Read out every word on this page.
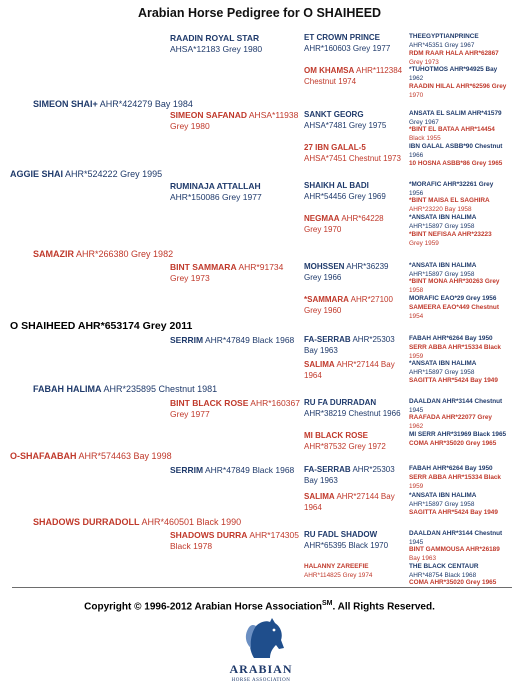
Arabian Horse Pedigree for O SHAIHEED
SIMEON SHAI+ AHR*424279 Bay 1984
AGGIE SHAI AHR*524222 Grey 1995
SAMAZIR AHR*266380 Grey 1982
RAADIN ROYAL STAR
AHSA*12183 Grey 1980
SIMEON SAFANAD AHSA*11938
Grey 1980
RUMINAJA ATTALLAH
AHR*150086 Grey 1977
BINT SAMMARA AHR*91734
Grey 1973
ET CROWN PRINCE
AHR*160603 Grey 1977
OM KHAMSA AHR*112384
Chestnut 1974
SANKT GEORG
AHSA*7481 Grey 1975
27 IBN GALAL-5
AHSA*7451 Chestnut 1973
SHAIKH AL BADI
AHR*54456 Grey 1969
NEGMAA AHR*64228
Grey 1970
MOHSSEN AHR*36239
Grey 1966
*SAMMARA AHR*27100
Grey 1960
THEEGYPTIANPRINCE
AHR*45351 Grey 1967
RDM RAAR HALA AHR*62867
Grey 1973
*TUHOTMOS AHR*94925 Bay
1962
RAADIN HILAL AHR*62596 Grey
1970
ANSATA EL SALIM AHR*41579
Grey 1967
*BINT EL BATAA AHR*14454
Black 1955
IBN GALAL ASBB*90 Chestnut
1966
10 HOSNA ASBB*86 Grey 1965
*MORAFIC AHR*32261 Grey
1956
*BINT MAISA EL SAGHIRA
AHR*23220 Bay 1958
*ANSATA IBN HALIMA
AHR*15897 Grey 1958
*BINT NEFISAA AHR*23223
Grey 1959
*ANSATA IBN HALIMA
AHR*15897 Grey 1958
*BINT MONA AHR*30263 Grey
1958
MORAFIC EAO*29 Grey 1956
SAMEERA EAO*449 Chestnut
1954
O SHAIHEED AHR*653174 Grey 2011
FABAH HALIMA AHR*235895 Chestnut 1981
O-SHAFAABAH AHR*574463 Bay 1998
SHADOWS DURRADOLL AHR*460501 Black 1990
SERRIM AHR*47849 Black 1968
BINT BLACK ROSE AHR*160367
Grey 1977
SERRIM AHR*47849 Black 1968
SHADOWS DURRA AHR*174305
Black 1978
FA-SERRAB AHR*25303
Bay 1963
SALIMA AHR*27144 Bay
1964
RU FA DURRADAN
AHR*38219 Chestnut 1966
MI BLACK ROSE
AHR*87532 Grey 1972
FA-SERRAB AHR*25303
Bay 1963
SALIMA AHR*27144 Bay
1964
RU FADL SHADOW
AHR*65395 Black 1970
HALANNY ZAREEFIE
AHR*114825 Grey 1974
FABAH AHR*6264 Bay 1950
SERR ABBA AHR*15334 Black
1959
*ANSATA IBN HALIMA
AHR*15897 Grey 1958
SAGITTA AHR*5424 Bay 1949
DAALDAN AHR*3144 Chestnut
1945
RAAFADA AHR*22077 Grey
1962
MI SERR AHR*31969 Black 1965
COMA AHR*35020 Grey 1965
FABAH AHR*6264 Bay 1950
SERR ABBA AHR*15334 Black
1959
*ANSATA IBN HALIMA
AHR*15897 Grey 1958
SAGITTA AHR*5424 Bay 1949
DAALDAN AHR*3144 Chestnut
1945
BINT GAMMOUSA AHR*26189
Bay 1963
THE BLACK CENTAUR
AHR*48754 Black 1968
COMA AHR*35020 Grey 1965
Copyright © 1996-2012 Arabian Horse Association℠. All Rights Reserved.
ARABIAN
HORSE ASSOCIATION
